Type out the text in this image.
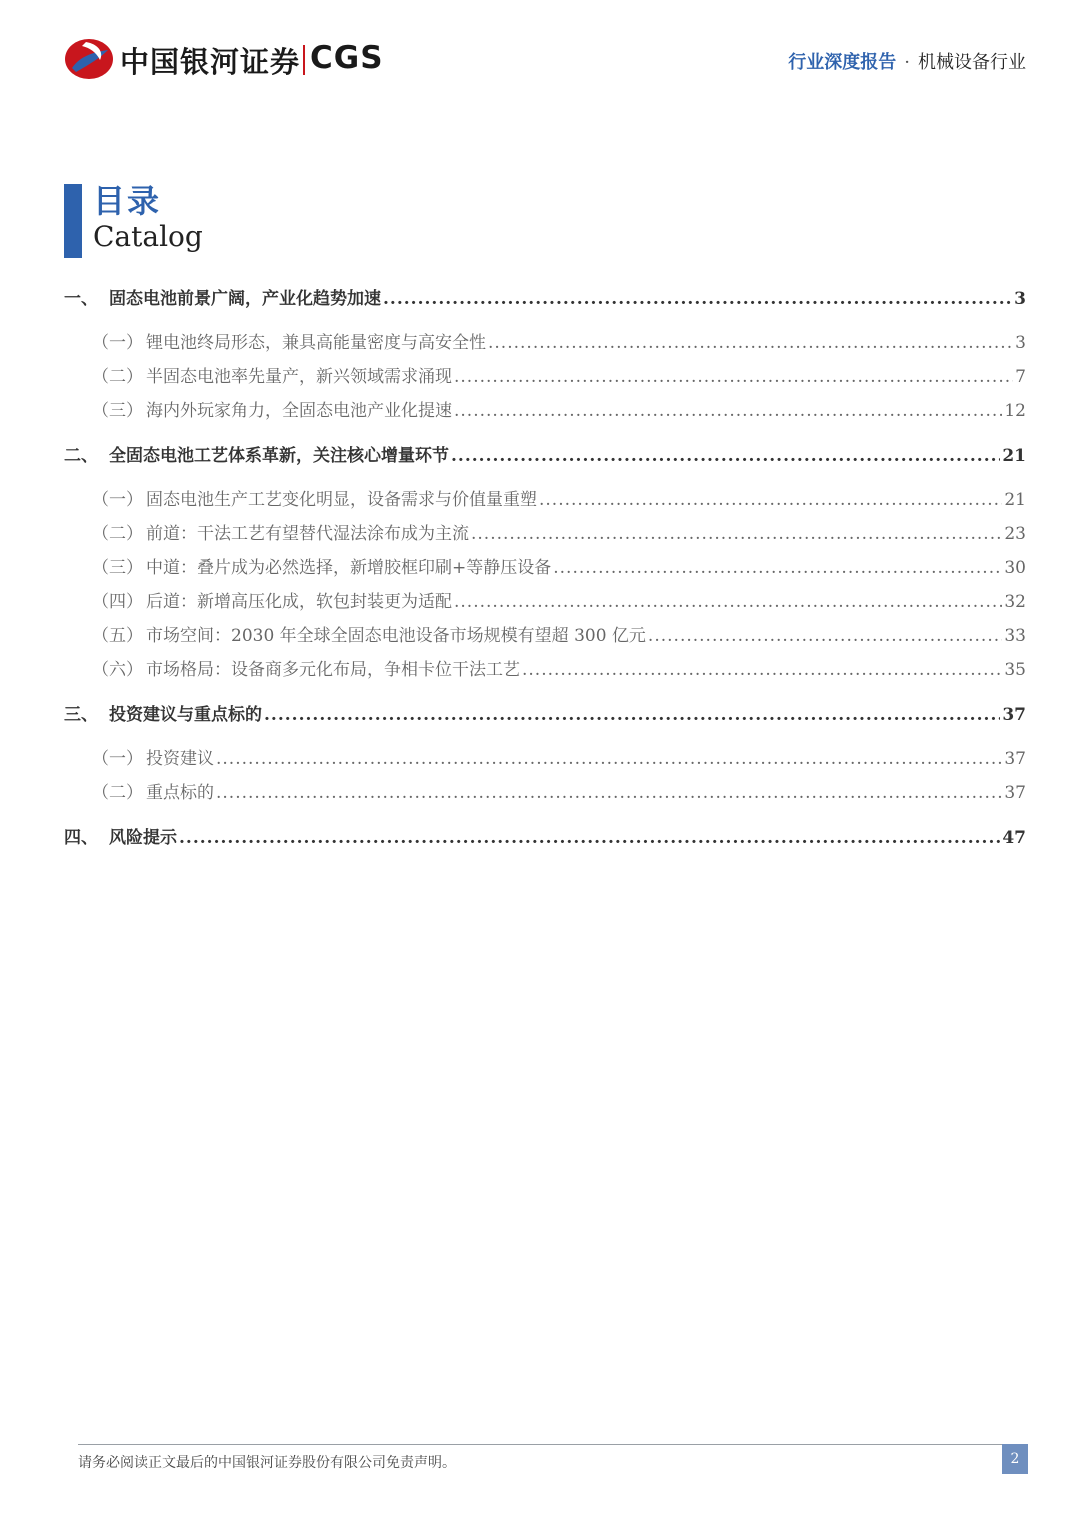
中国银河证券 CGS	行业深度报告 · 机械设备行业
目录
Catalog
一、 固态电池前景广阔，产业化趋势加速 .....	3
（一） 锂电池终局形态，兼具高能量密度与高安全性 .....	3
（二） 半固态电池率先量产，新兴领域需求涌现 .....	7
（三） 海内外玩家角力，全固态电池产业化提速 .....	12
二、 全固态电池工艺体系革新，关注核心增量环节 .....	21
（一） 固态电池生产工艺变化明显，设备需求与价值量重塑 .....	21
（二） 前道：干法工艺有望替代湿法涂布成为主流 .....	23
（三） 中道：叠片成为必然选择，新增胶框印刷+等静压设备 .....	30
（四） 后道：新增高压化成，软包封装更为适配 .....	32
（五） 市场空间：2030 年全球全固态电池设备市场规模有望超 300 亿元 .....	33
（六） 市场格局：设备商多元化布局，争相卡位干法工艺 .....	35
三、 投资建议与重点标的 .....	37
（一） 投资建议 .....	37
（二） 重点标的 .....	37
四、 风险提示 .....	47
请务必阅读正文最后的中国银河证券股份有限公司免责声明。	2
